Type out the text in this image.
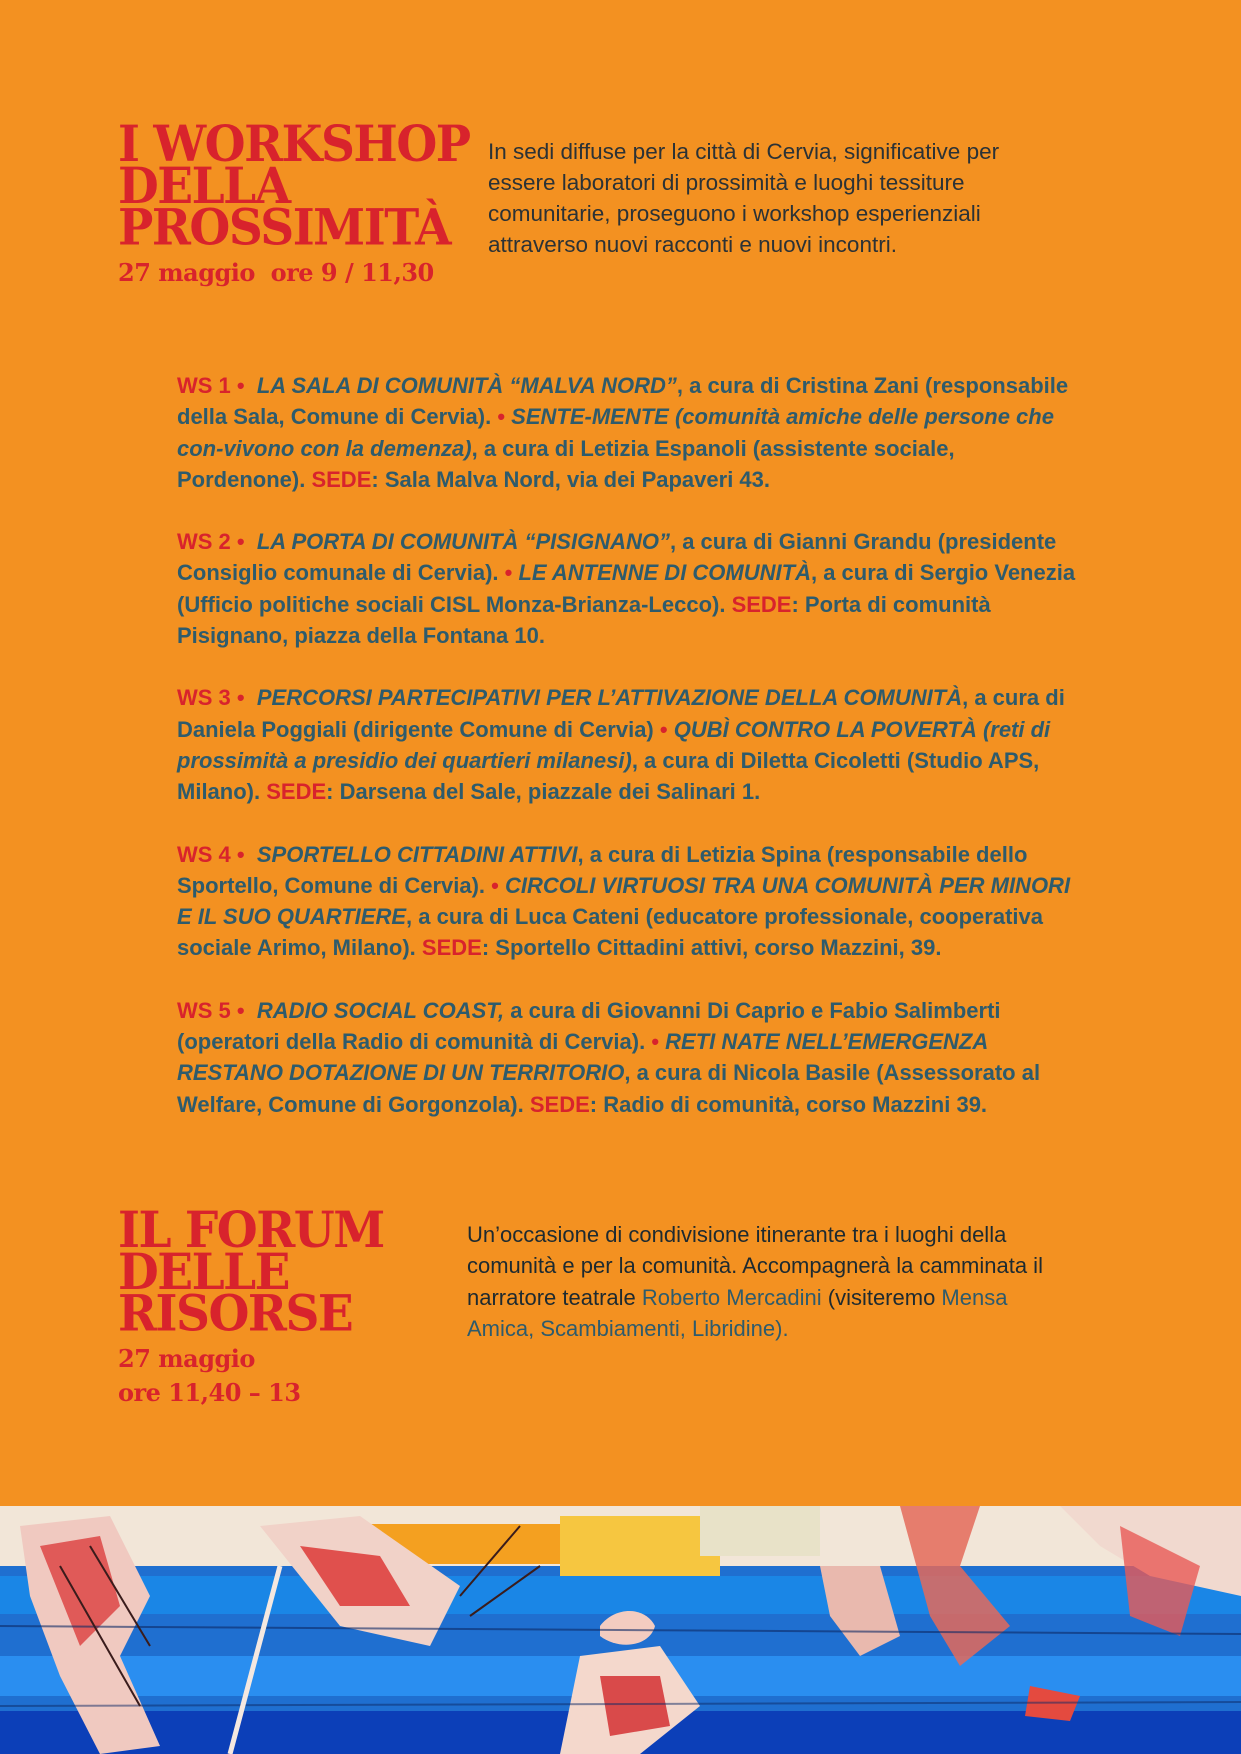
I WORKSHOP
DELLA
PROSSIMITÀ
27 maggio ore 9 / 11,30

In sedi diffuse per la città di Cervia, significative per essere laboratori di prossimità e luoghi tessiture comunitarie, proseguono i workshop esperienziali attraverso nuovi racconti e nuovi incontri.

WS 1 • LA SALA DI COMUNITÀ “MALVA NORD”, a cura di Cristina Zani (responsabile della Sala, Comune di Cervia). • SENTE-MENTE (comunità amiche delle persone che con-vivono con la demenza), a cura di Letizia Espanoli (assistente sociale, Pordenone). SEDE: Sala Malva Nord, via dei Papaveri 43.
WS 2 • LA PORTA DI COMUNITÀ “PISIGNANO”, a cura di Gianni Grandu (presidente Consiglio comunale di Cervia). • LE ANTENNE DI COMUNITÀ, a cura di Sergio Venezia (Ufficio politiche sociali CISL Monza-Brianza-Lecco). SEDE: Porta di comunità Pisignano, piazza della Fontana 10.
WS 3 • PERCORSI PARTECIPATIVI PER L’ATTIVAZIONE DELLA COMUNITÀ, a cura di Daniela Poggiali (dirigente Comune di Cervia) • QUBÌ CONTRO LA POVERTÀ (reti di prossimità a presidio dei quartieri milanesi), a cura di Diletta Cicoletti (Studio APS, Milano). SEDE: Darsena del Sale, piazzale dei Salinari 1.
WS 4 • SPORTELLO CITTADINI ATTIVI, a cura di Letizia Spina (responsabile dello Sportello, Comune di Cervia). • CIRCOLI VIRTUOSI TRA UNA COMUNITÀ PER MINORI E IL SUO QUARTIERE, a cura di Luca Cateni (educatore professionale, cooperativa sociale Arimo, Milano). SEDE: Sportello Cittadini attivi, corso Mazzini, 39.
WS 5 • RADIO SOCIAL COAST, a cura di Giovanni Di Caprio e Fabio Salimberti (operatori della Radio di comunità di Cervia). • RETI NATE NELL’EMERGENZA RESTANO DOTAZIONE DI UN TERRITORIO, a cura di Nicola Basile (Assessorato al Welfare, Comune di Gorgonzola). SEDE: Radio di comunità, corso Mazzini 39.
IL FORUM
DELLE
RISORSE
27 maggio
ore 11,40 – 13

Un’occasione di condivisione itinerante tra i luoghi della comunità e per la comunità. Accompagnerà la camminata il narratore teatrale Roberto Mercadini (visiteremo Mensa Amica, Scambiamenti, Libridine).
